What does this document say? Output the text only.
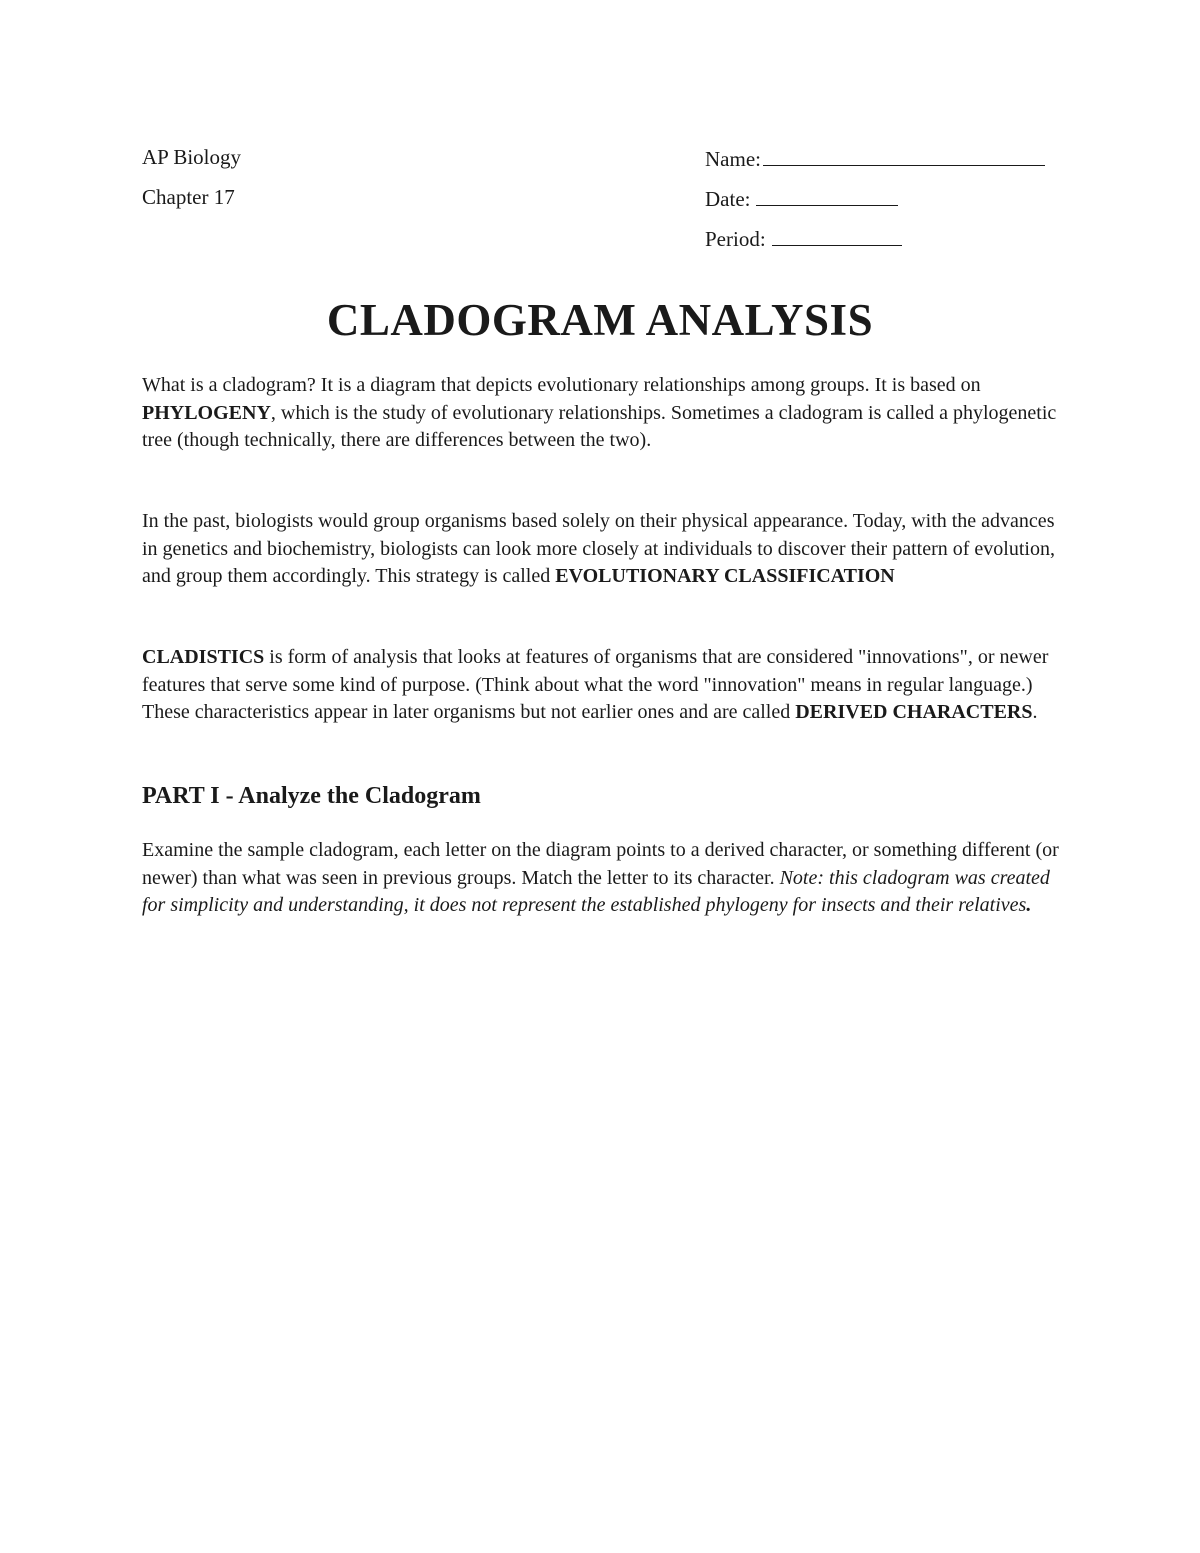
AP Biology
Chapter 17
Name:
Date:
Period:
CLADOGRAM ANALYSIS

What is a cladogram? It is a diagram that depicts evolutionary relationships among groups. It is based on PHYLOGENY, which is the study of evolutionary relationships. Sometimes a cladogram is called a phylogenetic tree (though technically, there are differences between the two).

In the past, biologists would group organisms based solely on their physical appearance. Today, with the advances in genetics and biochemistry, biologists can look more closely at individuals to discover their pattern of evolution, and group them accordingly. This strategy is called EVOLUTIONARY CLASSIFICATION

CLADISTICS is form of analysis that looks at features of organisms that are considered "innovations", or newer features that serve some kind of purpose. (Think about what the word "innovation" means in regular language.) These characteristics appear in later organisms but not earlier ones and are called DERIVED CHARACTERS.

PART I - Analyze the Cladogram

Examine the sample cladogram, each letter on the diagram points to a derived character, or something different (or newer) than what was seen in previous groups. Match the letter to its character. Note: this cladogram was created for simplicity and understanding, it does not represent the established phylogeny for insects and their relatives.
